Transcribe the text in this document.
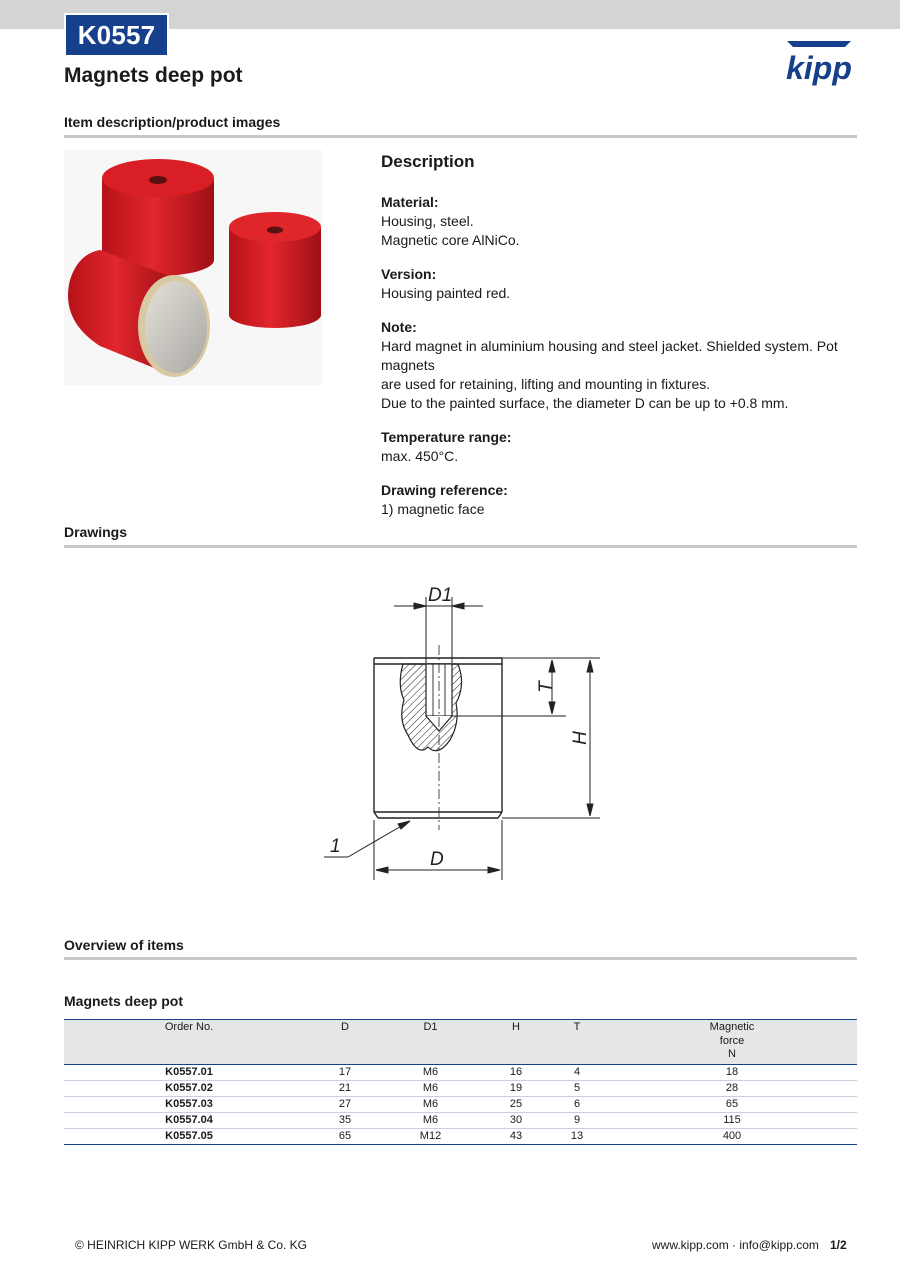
K0557
Magnets deep pot	kipp
Item description/product images
Description
Material:
Housing, steel.
Magnetic core AlNiCo.
Version:
Housing painted red.
Note:
Hard magnet in aluminium housing and steel jacket. Shielded system. Pot magnets
are used for retaining, lifting and mounting in fixtures.
Due to the painted surface, the diameter D can be up to +0.8 mm.
Temperature range:
max. 450°C.
Drawing reference:
1) magnetic face
Drawings
D1
T
H
D
1
Overview of items
Magnets deep pot
Order No.	D	D1	H	T	Magnetic
force
N

K0557.01	17	M6	16	4	18
K0557.02	21	M6	19	5	28
K0557.03	27	M6	25	6	65
K0557.04	35	M6	30	9	115
K0557.05	65	M12	43	13	400
© HEINRICH KIPP WERK GmbH & Co. KG	www.kipp.com · info@kipp.com 1/2
